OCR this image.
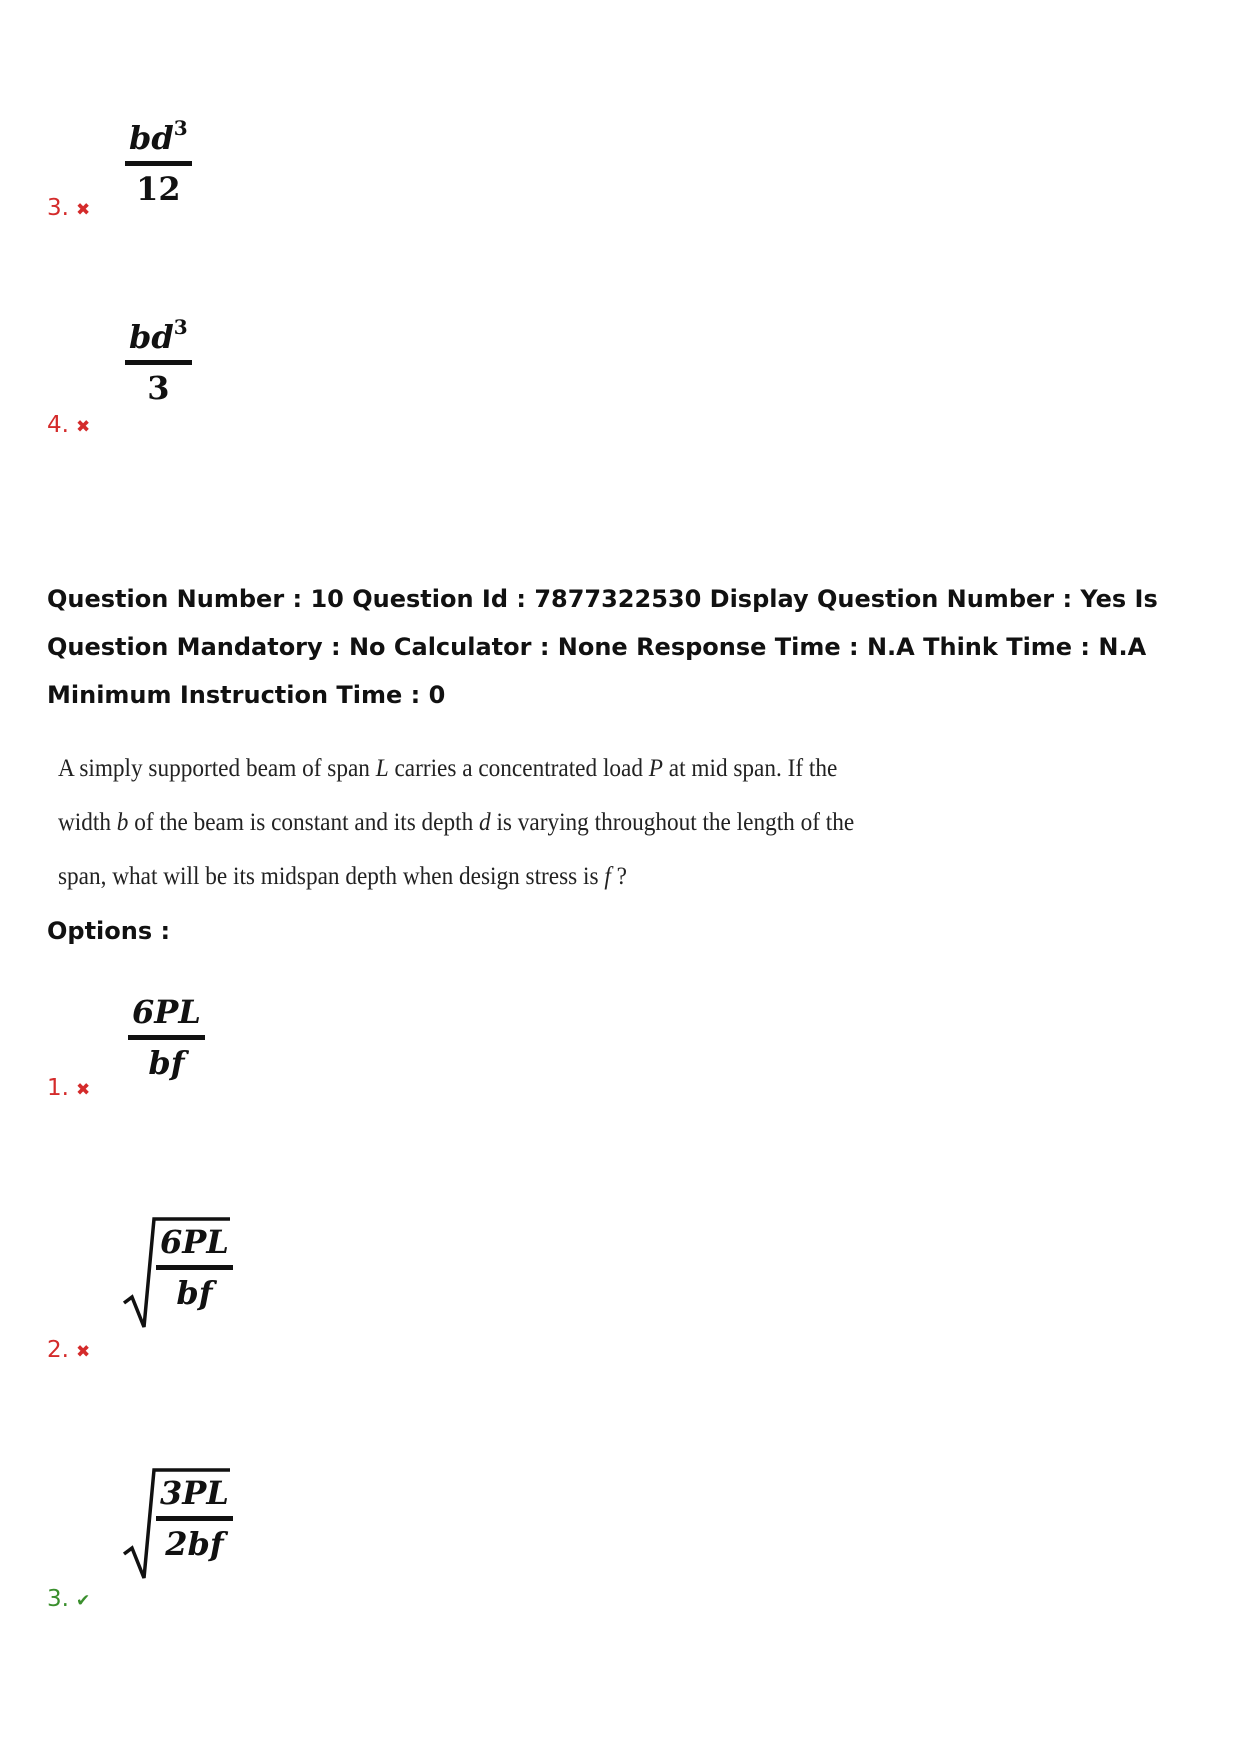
$bd^3$
12
3. ✖
$bd^3$
3
4. ✖
Question Number : 10 Question Id : 7877322530 Display Question Number : Yes Is Question Mandatory : No Calculator : None Response Time : N.A Think Time : N.A Minimum Instruction Time : 0
A simply supported beam of span L carries a concentrated load P at mid span. If the width b of the beam is constant and its depth d is varying throughout the length of the span, what will be its midspan depth when design stress is f ?
Options :
6PL
bf
1. ✖
6PL
bf
2. ✖
3PL
2bf
3. ✔
